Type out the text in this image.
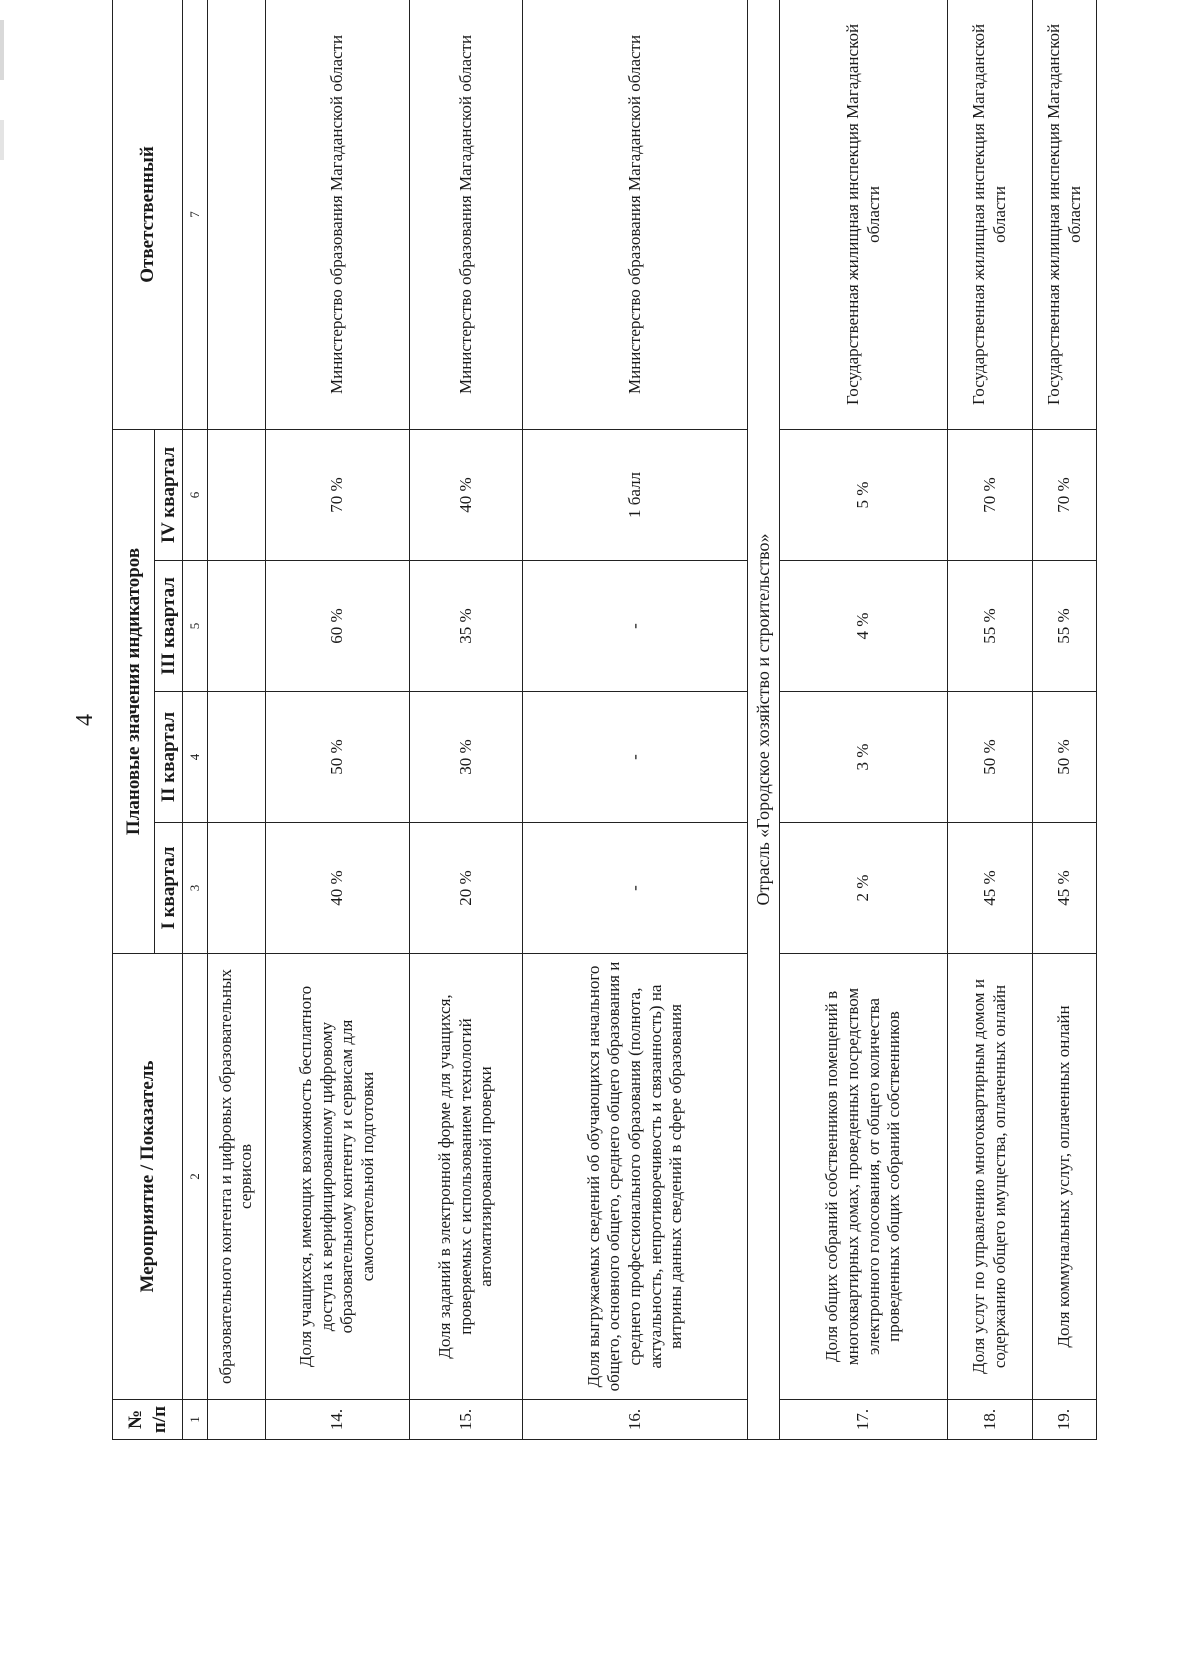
4
№ п/п	Мероприятие / Показатель	Плановые значения индикаторов				Ответственный
		I квартал	II квартал	III квартал	IV квартал	
1	2	3	4	5	6	7
	образовательного контента и цифровых образовательных сервисов					
14.	Доля учащихся, имеющих возможность бесплатного доступа к верифицированному цифровому образовательному контенту и сервисам для самостоятельной подготовки	40 %	50 %	60 %	70 %	Министерство образования Магаданской области
15.	Доля заданий в электронной форме для учащихся, проверяемых с использованием технологий автоматизированной проверки	20 %	30 %	35 %	40 %	Министерство образования Магаданской области
16.	Доля выгружаемых сведений об обучающихся начального общего, основного общего, среднего общего образования и среднего профессионального образования (полнота, актуальность, непротиворечивость и связанность) на витрины данных сведений в сфере образования	-	-	-	1 балл	Министерство образования Магаданской области
Отрасль «Городское хозяйство и строительство»						
17.	Доля общих собраний собственников помещений в многоквартирных домах, проведенных посредством электронного голосования, от общего количества проведенных общих собраний собственников	2 %	3 %	4 %	5 %	Государственная жилищная инспекция Магаданской области
18.	Доля услуг по управлению многоквартирным домом и содержанию общего имущества, оплаченных онлайн	45 %	50 %	55 %	70 %	Государственная жилищная инспекция Магаданской области
19.	Доля коммунальных услуг, оплаченных онлайн	45 %	50 %	55 %	70 %	Государственная жилищная инспекция Магаданской области
